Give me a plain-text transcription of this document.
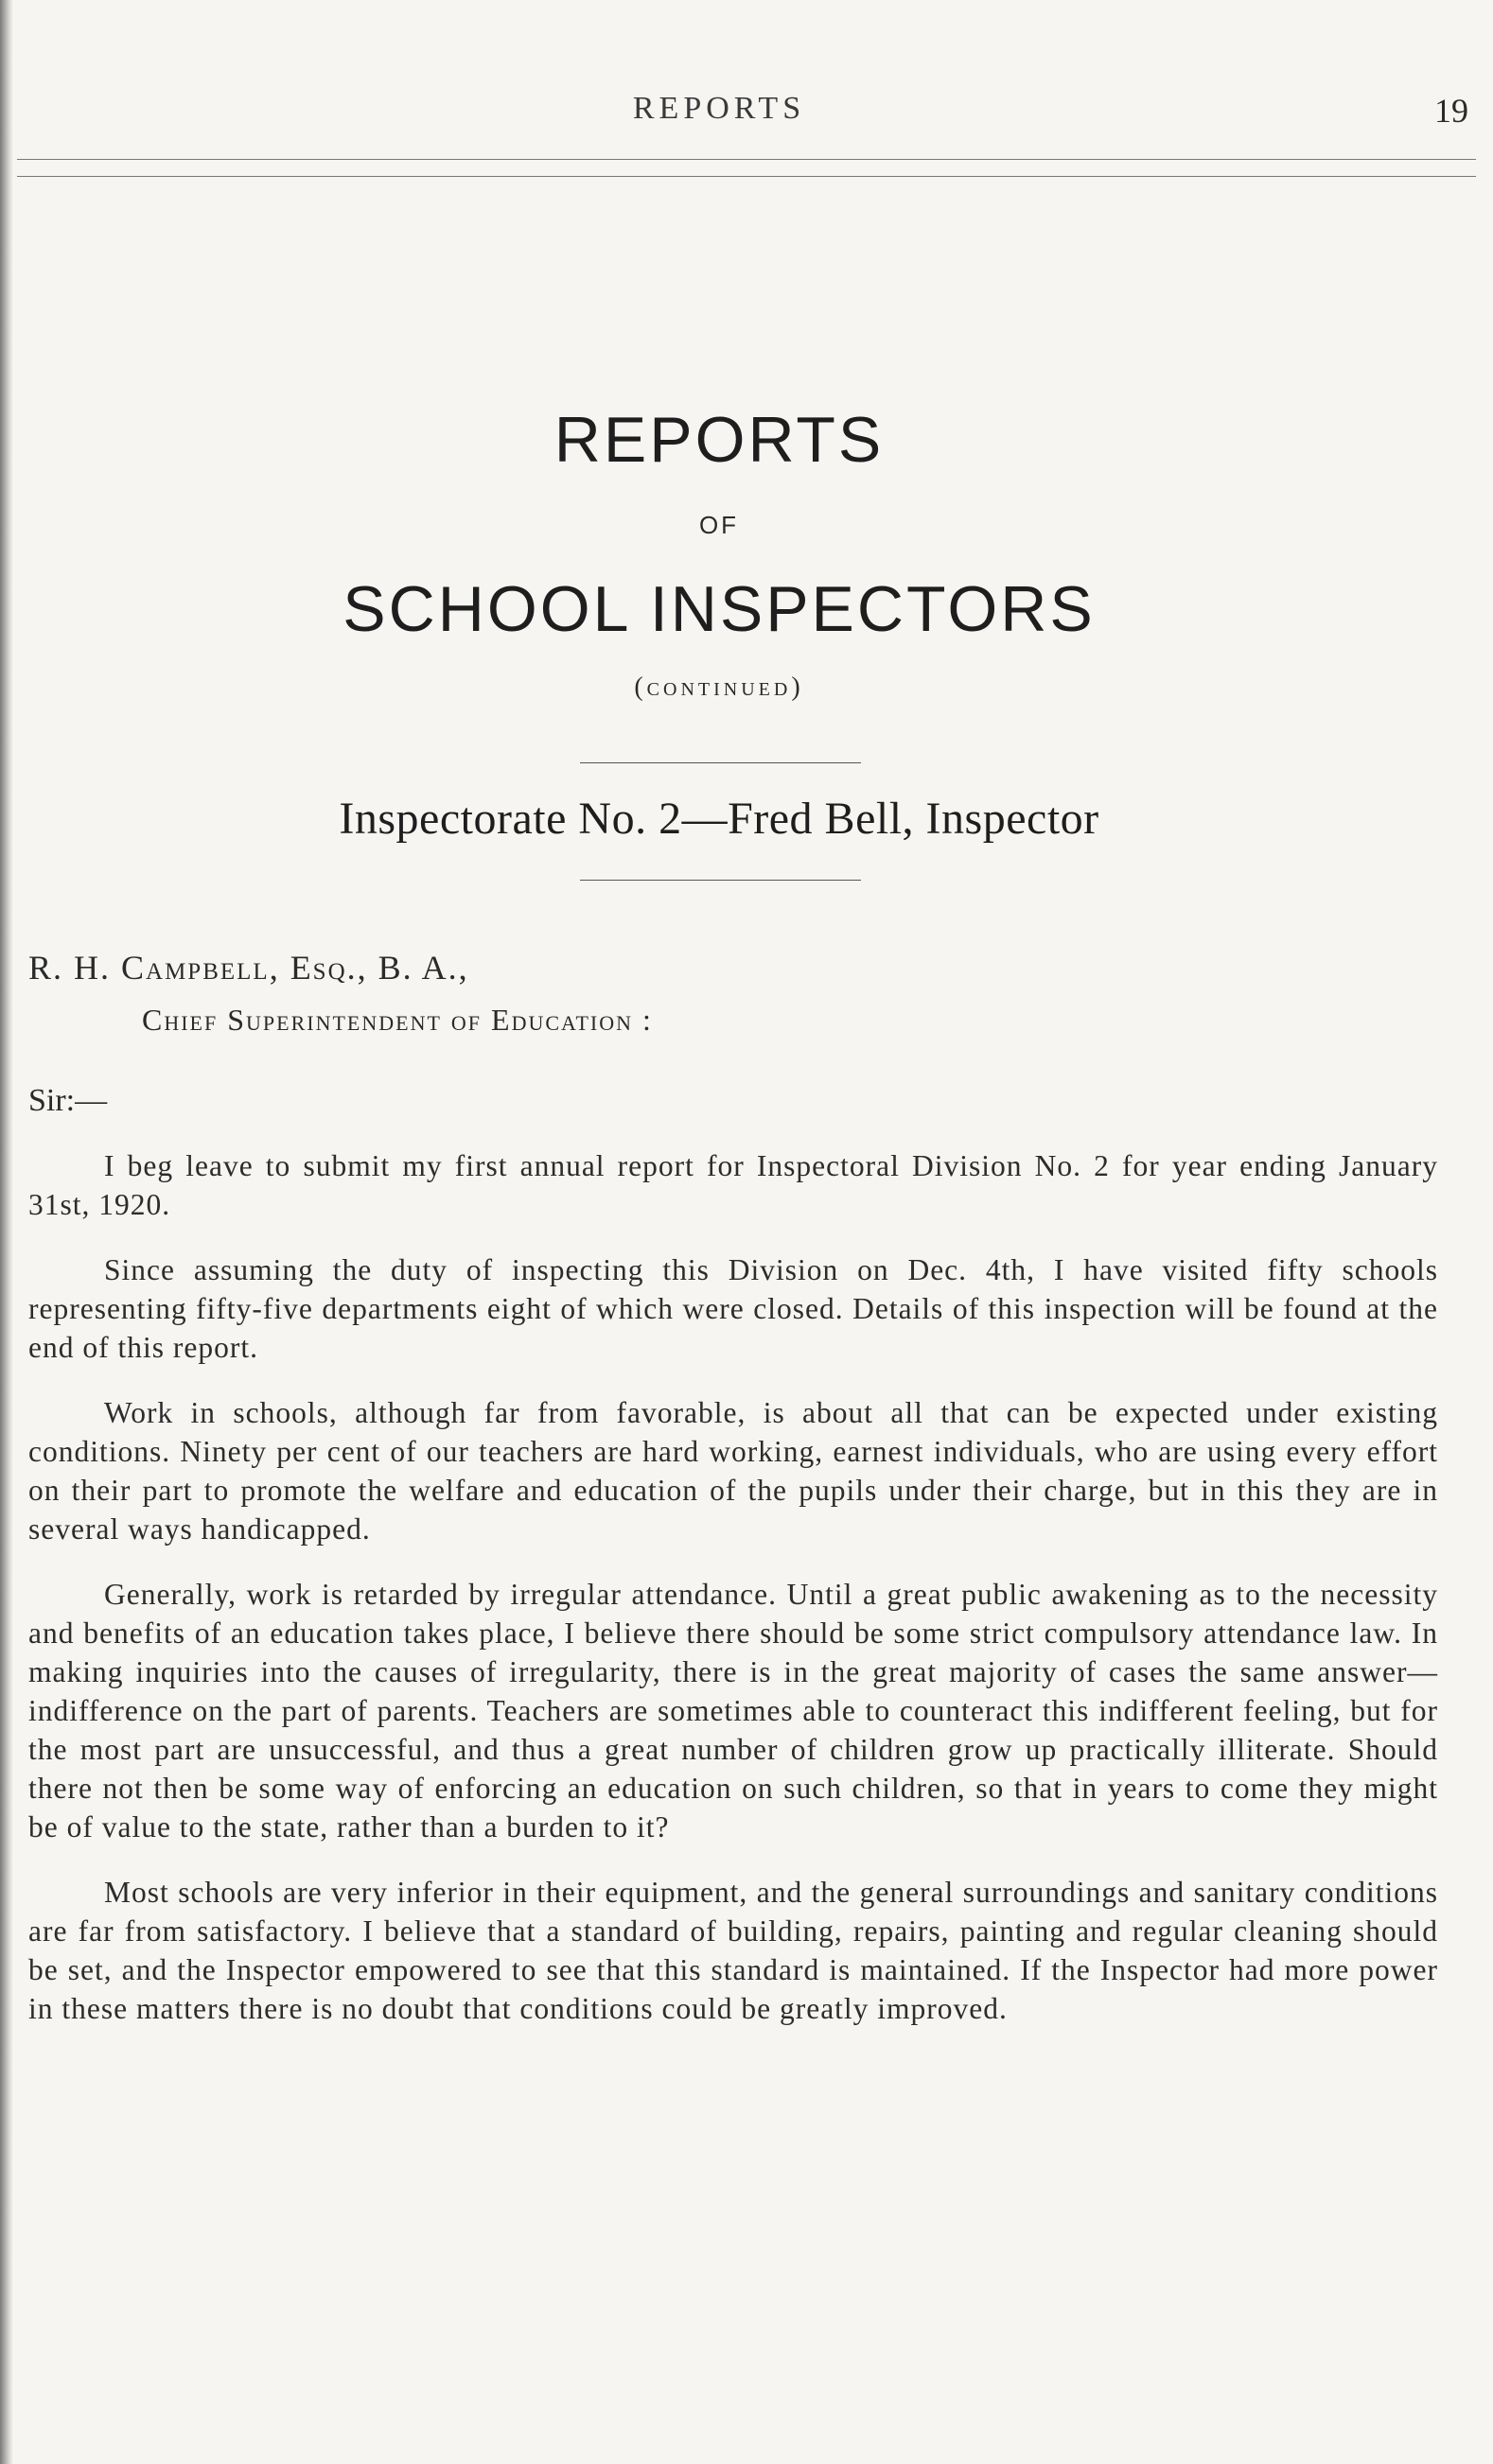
REPORTS	19
REPORTS
OF
SCHOOL INSPECTORS
(continued)
Inspectorate No. 2—Fred Bell, Inspector
R. H. Campbell, Esq., B. A.,
Chief Superintendent of Education :
Sir:—

I beg leave to submit my first annual report for Inspectoral Division No. 2 for year ending January 31st, 1920.

Since assuming the duty of inspecting this Division on Dec. 4th, I have visited fifty schools representing fifty-five departments eight of which were closed. Details of this inspection will be found at the end of this report.

Work in schools, although far from favorable, is about all that can be expected under existing conditions. Ninety per cent of our teachers are hard working, earnest individuals, who are using every effort on their part to promote the welfare and education of the pupils under their charge, but in this they are in several ways handicapped.

Generally, work is retarded by irregular attendance. Until a great public awakening as to the necessity and benefits of an education takes place, I believe there should be some strict compulsory attendance law. In making inquiries into the causes of irregularity, there is in the great majority of cases the same answer—indifference on the part of parents. Teachers are sometimes able to counteract this indifferent feeling, but for the most part are unsuccessful, and thus a great number of children grow up practically illiterate. Should there not then be some way of enforcing an education on such children, so that in years to come they might be of value to the state, rather than a burden to it?

Most schools are very inferior in their equipment, and the general surroundings and sanitary conditions are far from satisfactory. I believe that a standard of building, repairs, painting and regular cleaning should be set, and the Inspector empowered to see that this standard is maintained. If the Inspector had more power in these matters there is no doubt that conditions could be greatly improved.
